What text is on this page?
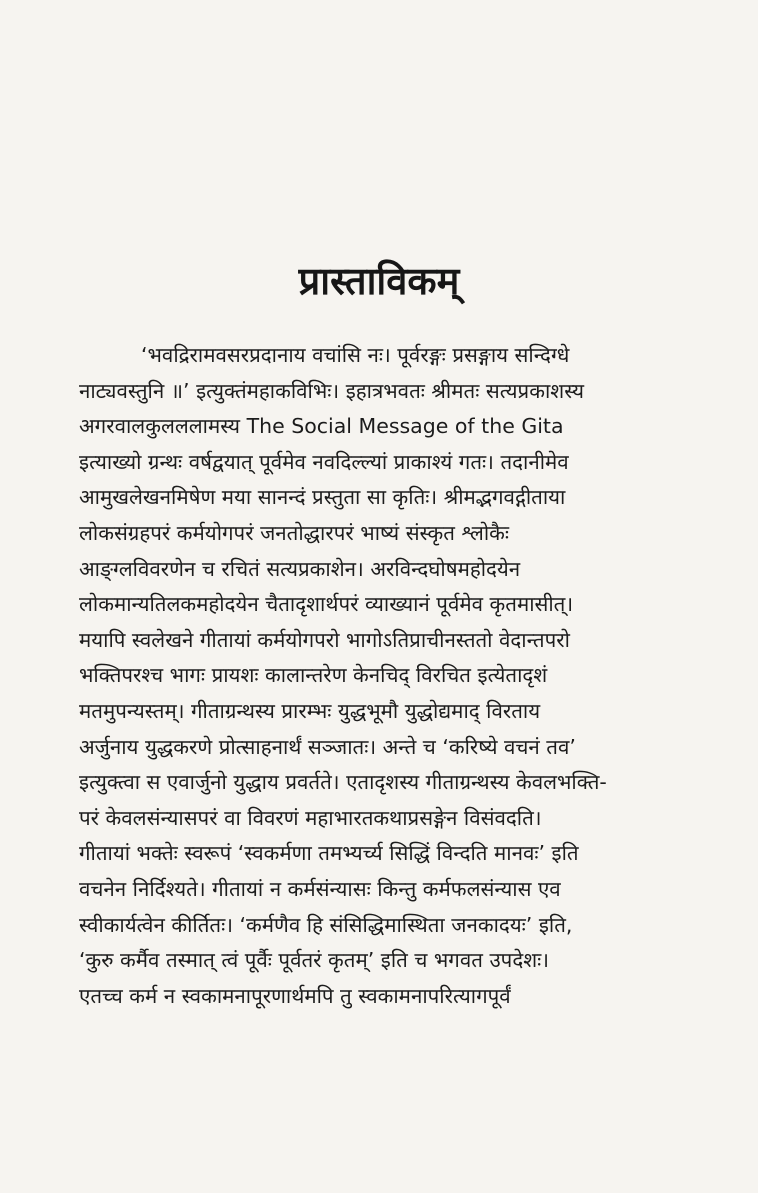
प्रास्ताविकम्
‘भवद्रिरामवसरप्रदानाय वचांसि नः। पूर्वरङ्गः प्रसङ्गाय सन्दिग्धे
नाट्यवस्तुनि ॥’ इत्युक्तंमहाकविभिः। इहात्रभवतः श्रीमतः सत्यप्रकाशस्य
अगरवालकुलललामस्य The Social Message of the Gita
इत्याख्यो ग्रन्थः वर्षद्वयात् पूर्वमेव नवदिल्ल्यां प्राकाश्यं गतः। तदानीमेव
आमुखलेखनमिषेण मया सानन्दं प्रस्तुता सा कृतिः। श्रीमद्भगवद्गीताया
लोकसंग्रहपरं कर्मयोगपरं जनतोद्धारपरं भाष्यं संस्कृत श्लोकैः
आङ्ग्लविवरणेन च रचितं सत्यप्रकाशेन। अरविन्दघोषमहोदयेन
लोकमान्यतिलकमहोदयेन चैतादृशार्थपरं व्याख्यानं पूर्वमेव कृतमासीत्।
मयापि स्वलेखने गीतायां कर्मयोगपरो भागोऽतिप्राचीनस्ततो वेदान्तपरो
भक्तिपरश्च भागः प्रायशः कालान्तरेण केनचिद् विरचित इत्येतादृशं
मतमुपन्यस्तम्। गीताग्रन्थस्य प्रारम्भः युद्धभूमौ युद्धोद्यमाद् विरताय
अर्जुनाय युद्धकरणे प्रोत्साहनार्थं सञ्जातः। अन्ते च ‘करिष्ये वचनं तव’
इत्युक्त्वा स एवार्जुनो युद्धाय प्रवर्तते। एतादृशस्य गीताग्रन्थस्य केवलभक्ति-
परं केवलसंन्यासपरं वा विवरणं महाभारतकथाप्रसङ्गेन विसंवदति।
गीतायां भक्तेः स्वरूपं ‘स्वकर्मणा तमभ्यर्च्य सिद्धिं विन्दति मानवः’ इति
वचनेन निर्दिश्यते। गीतायां न कर्मसंन्यासः किन्तु कर्मफलसंन्यास एव
स्वीकार्यत्वेन कीर्तितः। ‘कर्मणैव हि संसिद्धिमास्थिता जनकादयः’ इति,
‘कुरु कर्मैव तस्मात् त्वं पूर्वैः पूर्वतरं कृतम्’ इति च भगवत उपदेशः।
एतच्च कर्म न स्वकामनापूरणार्थमपि तु स्वकामनापरित्यागपूर्वं
